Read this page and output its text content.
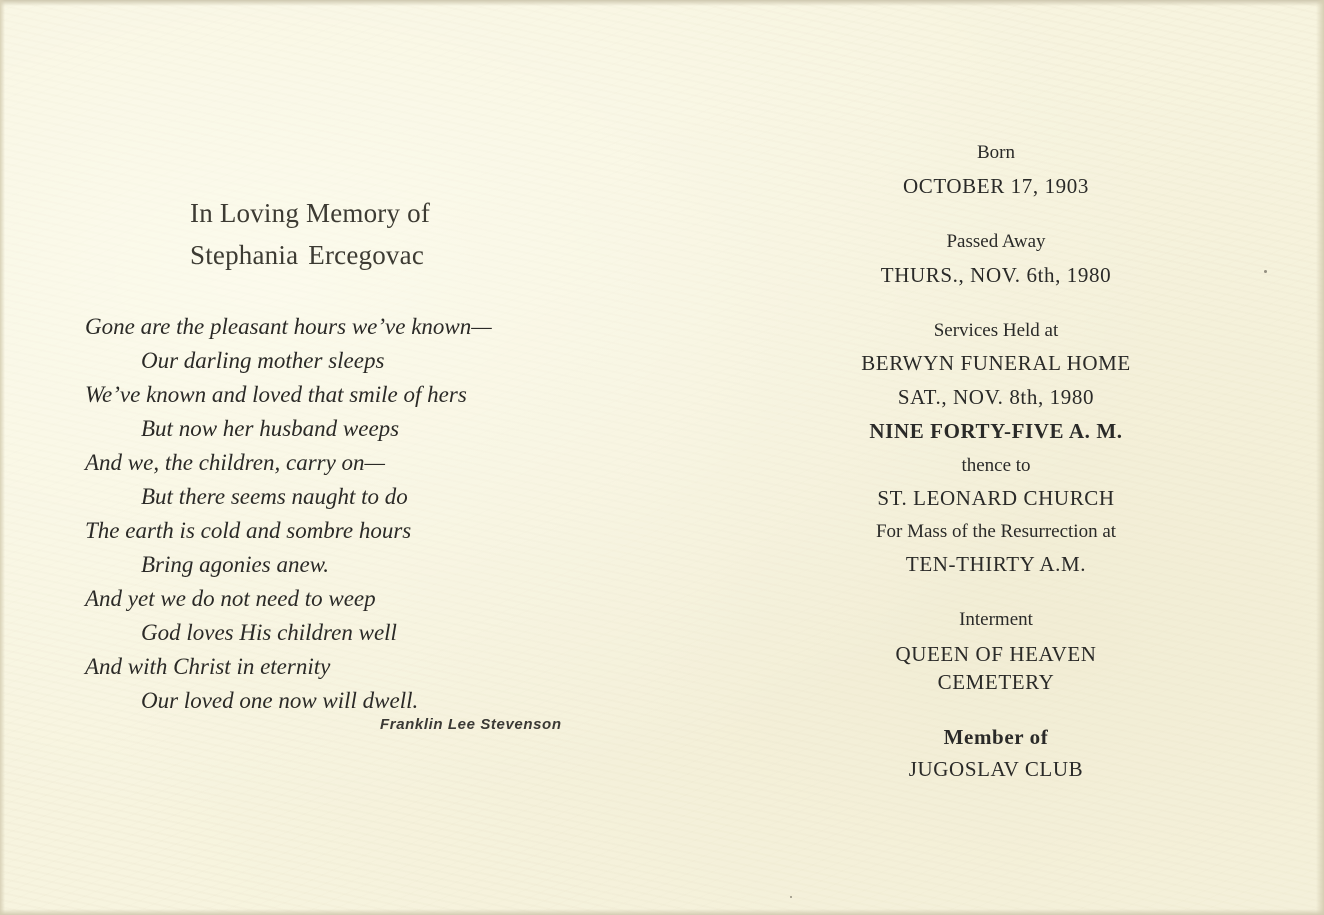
In Loving Memory of
Stephania Ercegovac
Gone are the pleasant hours we’ve known—
Our darling mother sleeps
We’ve known and loved that smile of hers
But now her husband weeps
And we, the children, carry on—
But there seems naught to do
The earth is cold and sombre hours
Bring agonies anew.
And yet we do not need to weep
God loves His children well
And with Christ in eternity
Our loved one now will dwell.
Franklin Lee Stevenson
Born
OCTOBER 17, 1903
Passed Away
THURS., NOV. 6th, 1980
Services Held at
BERWYN FUNERAL HOME
SAT., NOV. 8th, 1980
NINE FORTY-FIVE A. M.
thence to
ST. LEONARD CHURCH
For Mass of the Resurrection at
TEN-THIRTY A.M.
Interment
QUEEN OF HEAVEN
CEMETERY
Member of
JUGOSLAV CLUB
